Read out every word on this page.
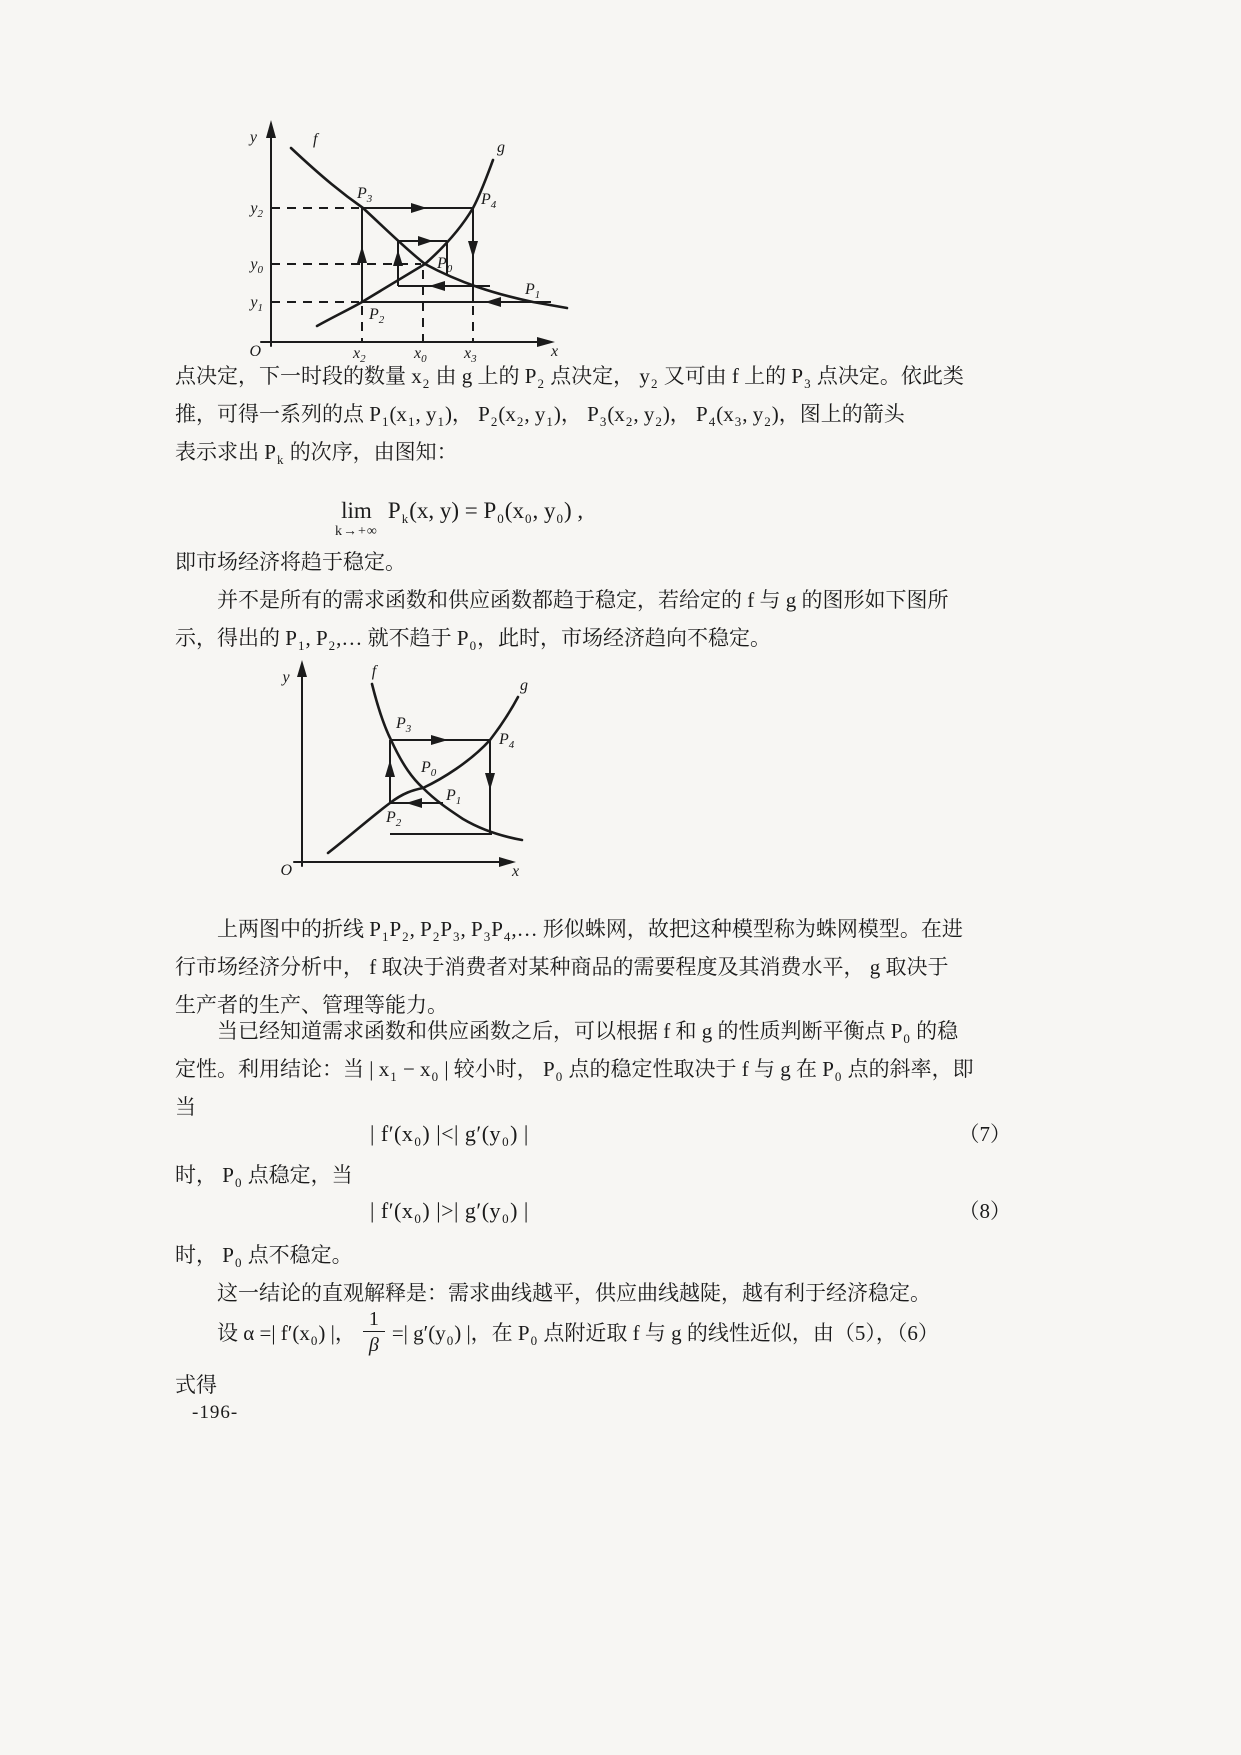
y
x
O
f	g
$y_2$
$y_0$
$y_1$
$x_2$	$x_0$ $x_3$
$P_3$	$P_4$
$P_0$
$P_1$
$P_2$
点决定，下一时段的数量 $x_2$ 由 g 上的 $P_2$ 点决定， $y_2$ 又可由 f 上的 $P_3$ 点决定。依此类
推，可得一系列的点 $P_1(x_1$, $y_1$)， $P_2(x_2$, $y_1$)， $P_3(x_2$, $y_2$)， $P_4(x_3$, $y_2$)，图上的箭头
表示求出 $P_k$ 的次序，由图知：
lim
k→+∞
$P_k(x$, $y) = P_0(x_0$, $y_0$) ,
即市场经济将趋于稳定。
并不是所有的需求函数和供应函数都趋于稳定，若给定的 f 与 g 的图形如下图所
示，得出的 $P_1$, $P_2,\dots$ 就不趋于 $P_0$，此时，市场经济趋向不稳定。
y
x
O
f
g
$P_3$
$P_4$
$P_0$
$P_1$
$P_2$
上两图中的折线 $P_1P_2$, $P_2P_3$, $P_3P_4,\dots$ 形似蛛网，故把这种模型称为蛛网模型。在进
行市场经济分析中， f 取决于消费者对某种商品的需要程度及其消费水平， g 取决于
生产者的生产、管理等能力。
当已经知道需求函数和供应函数之后，可以根据 f 和 g 的性质判断平衡点 $P_0$ 的稳
定性。利用结论：当 | $x_1 - x_0$ | 较小时， $P_0$ 点的稳定性取决于 f 与 g 在 $P_0$ 点的斜率，即
当
| $f'(x_0)$ |<| $g'(y_0)$ |	（7）
时， $P_0$ 点稳定，当
| $f'(x_0)$ |>| $g'(y_0)$ |	（8）
时， $P_0$ 点不稳定。
这一结论的直观解释是：需求曲线越平，供应曲线越陡，越有利于经济稳定。
设 α =| $f'(x_0)$ |， $\frac{1}{\beta}$ =| $g'(y_0)$ |，在 $P_0$ 点附近取 f 与 g 的线性近似，由（5），（6）
式得
-196-
